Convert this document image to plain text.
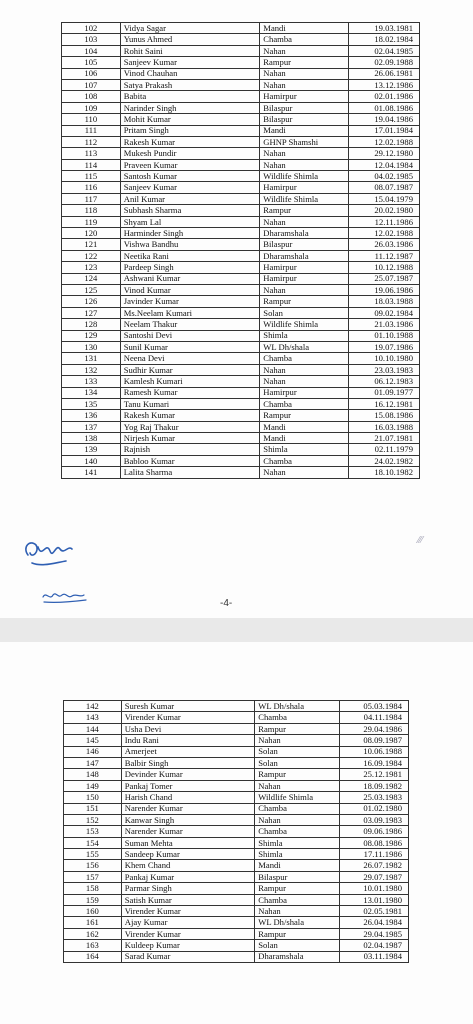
102	Vidya Sagar	Mandi	19.03.1981
103	Yunus Ahmed	Chamba	18.02.1984
104	Rohit Saini	Nahan	02.04.1985
105	Sanjeev Kumar	Rampur	02.09.1988
106	Vinod Chauhan	Nahan	26.06.1981
107	Satya Prakash	Nahan	13.12.1986
108	Babita	Hamirpur	02.01.1986
109	Narinder Singh	Bilaspur	01.08.1986
110	Mohit Kumar	Bilaspur	19.04.1986
111	Pritam Singh	Mandi	17.01.1984
112	Rakesh Kumar	GHNP Shamshi	12.02.1988
113	Mukesh Pundir	Nahan	29.12.1980
114	Praveen Kumar	Nahan	12.04.1984
115	Santosh Kumar	Wildlife Shimla	04.02.1985
116	Sanjeev Kumar	Hamirpur	08.07.1987
117	Anil Kumar	Wildlife Shimla	15.04.1979
118	Subhash Sharma	Rampur	20.02.1980
119	Shyam Lal	Nahan	12.11.1986
120	Harminder Singh	Dharamshala	12.02.1988
121	Vishwa Bandhu	Bilaspur	26.03.1986
122	Neetika Rani	Dharamshala	11.12.1987
123	Pardeep Singh	Hamirpur	10.12.1988
124	Ashwani Kumar	Hamirpur	25.07.1987
125	Vinod Kumar	Nahan	19.06.1986
126	Javinder Kumar	Rampur	18.03.1988
127	Ms.Neelam Kumari	Solan	09.02.1984
128	Neelam Thakur	Wildlife Shimla	21.03.1986
129	Santoshi Devi	Shimla	01.10.1988
130	Sunil Kumar	WL Dh/shala	19.07.1986
131	Neena Devi	Chamba	10.10.1980
132	Sudhir Kumar	Nahan	23.03.1983
133	Kamlesh Kumari	Nahan	06.12.1983
134	Ramesh Kumar	Hamirpur	01.09.1977
135	Tanu Kumari	Chamba	16.12.1981
136	Rakesh Kumar	Rampur	15.08.1986
137	Yog Raj Thakur	Mandi	16.03.1988
138	Nirjesh Kumar	Mandi	21.07.1981
139	Rajnish	Shimla	02.11.1979
140	Babloo Kumar	Chamba	24.02.1982
141	Lalita Sharma	Nahan	18.10.1982
-4-
⁄⁄⁄
142	Suresh Kumar	WL Dh/shala	05.03.1984
143	Virender Kumar	Chamba	04.11.1984
144	Usha Devi	Rampur	29.04.1986
145	Indu Rani	Nahan	08.09.1987
146	Amerjeet	Solan	10.06.1988
147	Balbir Singh	Solan	16.09.1984
148	Devinder Kumar	Rampur	25.12.1981
149	Pankaj Tomer	Nahan	18.09.1982
150	Harish Chand	Wildlife Shimla	25.03.1983
151	Narender Kumar	Chamba	01.02.1980
152	Kanwar Singh	Nahan	03.09.1983
153	Narender Kumar	Chamba	09.06.1986
154	Suman Mehta	Shimla	08.08.1986
155	Sandeep Kumar	Shimla	17.11.1986
156	Khem Chand	Mandi	26.07.1982
157	Pankaj Kumar	Bilaspur	29.07.1987
158	Parmar Singh	Rampur	10.01.1980
159	Satish Kumar	Chamba	13.01.1980
160	Virender Kumar	Nahan	02.05.1981
161	Ajay Kumar	WL Dh/shala	26.04.1984
162	Virender Kumar	Rampur	29.04.1985
163	Kuldeep Kumar	Solan	02.04.1987
164	Sarad Kumar	Dharamshala	03.11.1984
